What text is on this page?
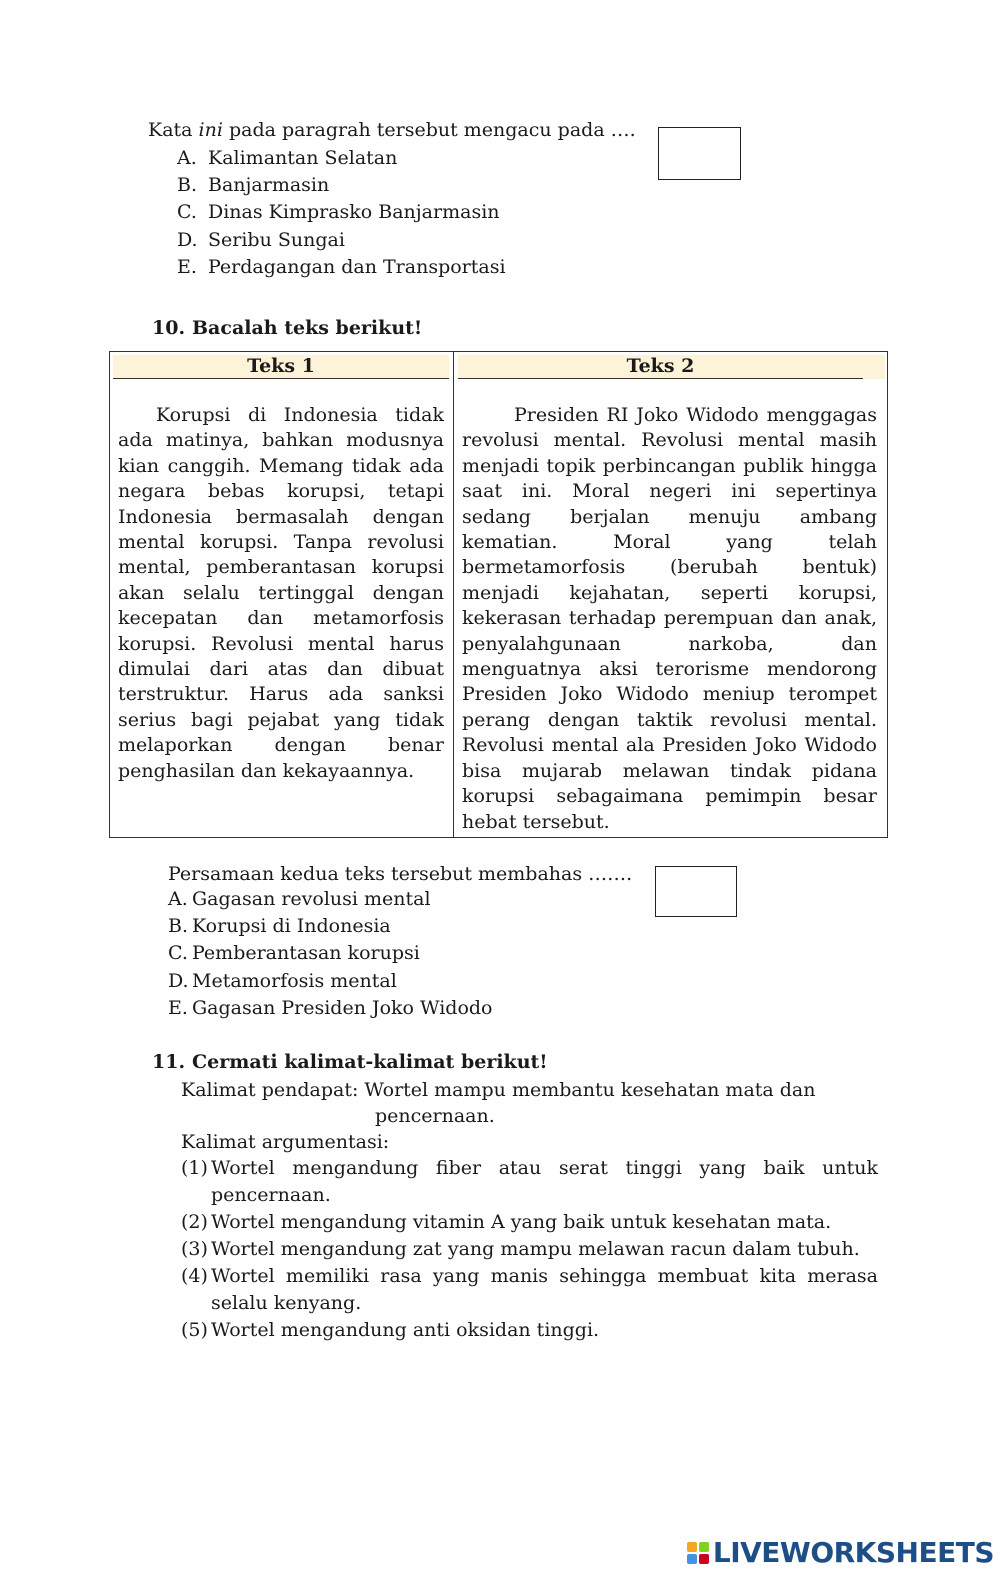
Kata ini pada paragrah tersebut mengacu pada ….
A. Kalimantan Selatan
B. Banjarmasin
C. Dinas Kimprasko Banjarmasin
D. Seribu Sungai
E. Perdagangan dan Transportasi
10. Bacalah teks berikut!
Teks 1	Teks 2
Korupsi di Indonesia tidak ada matinya, bahkan modusnya kian canggih. Memang tidak ada negara bebas korupsi, tetapi Indonesia bermasalah dengan mental korupsi. Tanpa revolusi mental, pemberantasan korupsi akan selalu tertinggal dengan kecepatan dan metamorfosis korupsi. Revolusi mental harus dimulai dari atas dan dibuat terstruktur. Harus ada sanksi serius bagi pejabat yang tidak melaporkan dengan benar penghasilan dan kekayaannya.
Presiden RI Joko Widodo menggagas revolusi mental. Revolusi mental masih menjadi topik perbincangan publik hingga saat ini. Moral negeri ini sepertinya sedang berjalan menuju ambang kematian. Moral yang telah bermetamorfosis (berubah bentuk) menjadi kejahatan, seperti korupsi, kekerasan terhadap perempuan dan anak, penyalahgunaan narkoba, dan menguatnya aksi terorisme mendorong Presiden Joko Widodo meniup terompet perang dengan taktik revolusi mental. Revolusi mental ala Presiden Joko Widodo bisa mujarab melawan tindak pidana korupsi sebagaimana pemimpin besar hebat tersebut.
Persamaan kedua teks tersebut membahas …….
A. Gagasan revolusi mental
B. Korupsi di Indonesia
C. Pemberantasan korupsi
D. Metamorfosis mental
E. Gagasan Presiden Joko Widodo
11. Cermati kalimat-kalimat berikut!
Kalimat pendapat: Wortel mampu membantu kesehatan mata dan
pencernaan.
Kalimat argumentasi:
(1) Wortel mengandung fiber atau serat tinggi yang baik untuk pencernaan.
(2) Wortel mengandung vitamin A yang baik untuk kesehatan mata.
(3) Wortel mengandung zat yang mampu melawan racun dalam tubuh.
(4) Wortel memiliki rasa yang manis sehingga membuat kita merasa selalu kenyang.
(5) Wortel mengandung anti oksidan tinggi.
LIVEWORKSHEETS
